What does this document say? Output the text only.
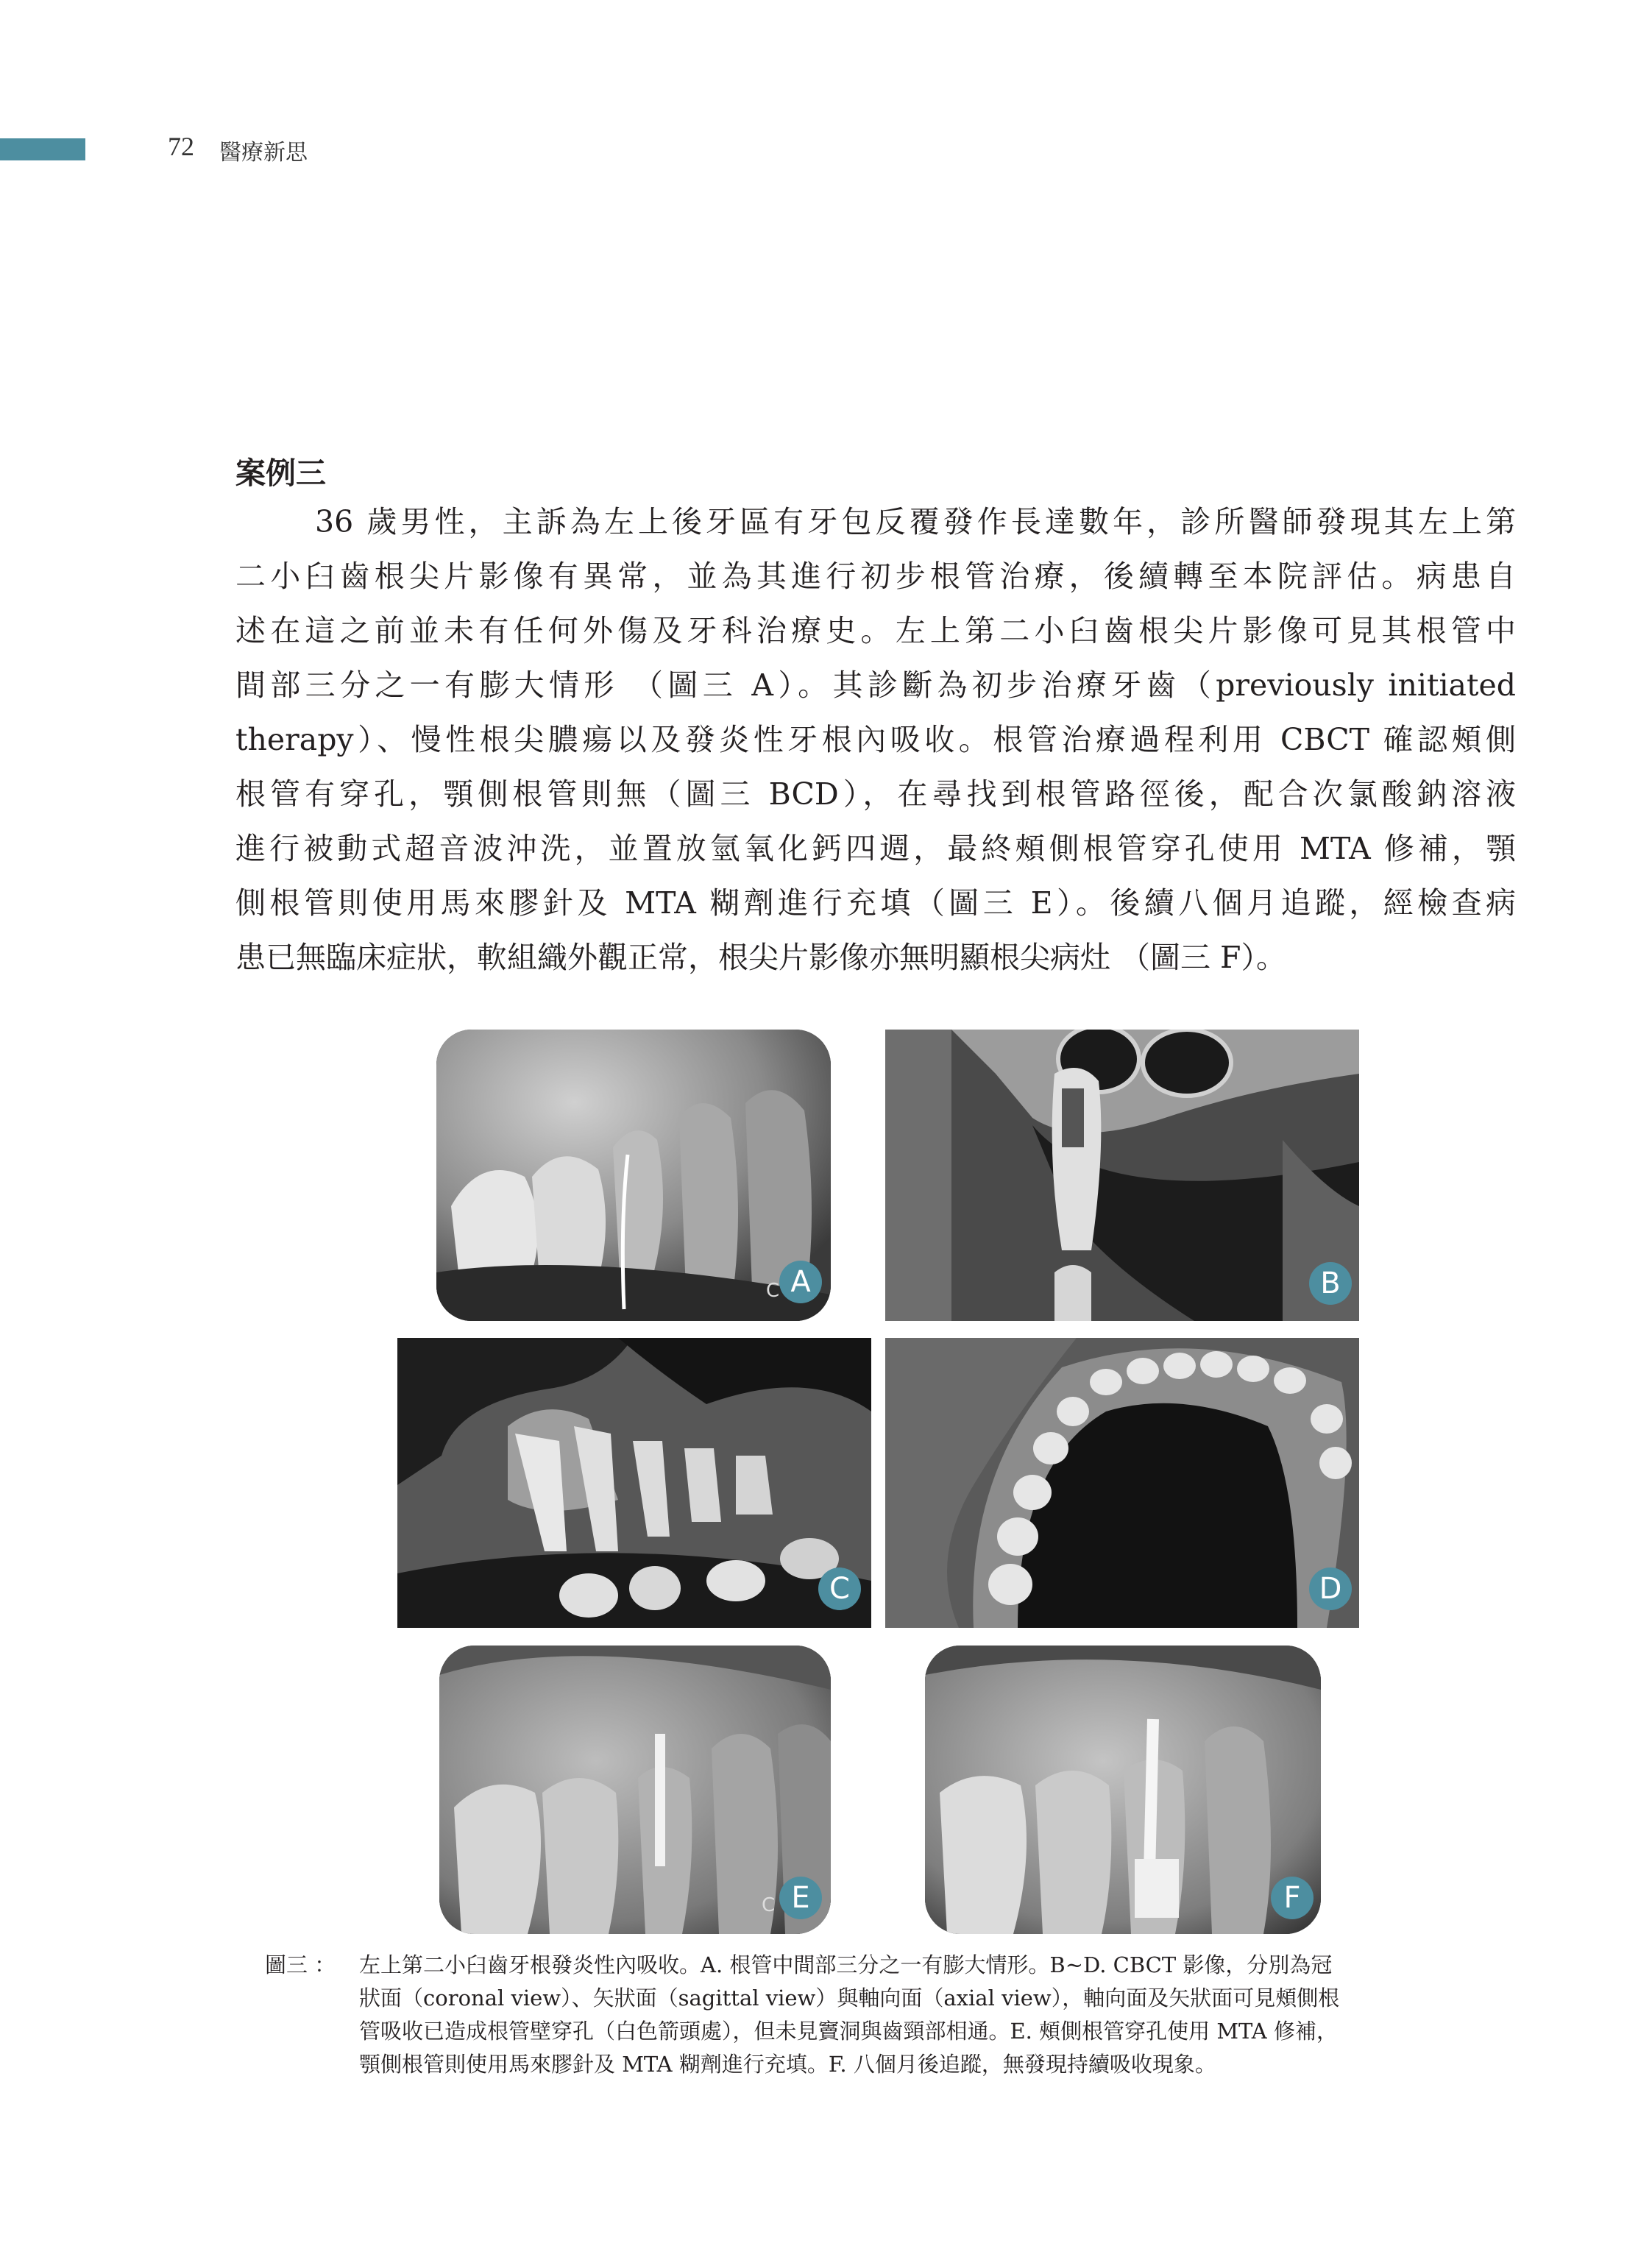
72 醫療新思
案例三
36 歲男性，主訴為左上後牙區有牙包反覆發作長達數年，診所醫師發現其左上第
二小臼齒根尖片影像有異常，並為其進行初步根管治療，後續轉至本院評估。病患自
述在這之前並未有任何外傷及牙科治療史。左上第二小臼齒根尖片影像可見其根管中
間部三分之一有膨大情形 （圖三 A）。其診斷為初步治療牙齒（previously initiated
therapy）、慢性根尖膿瘍以及發炎性牙根內吸收。根管治療過程利用 CBCT 確認頰側
根管有穿孔，顎側根管則無（圖三 BCD），在尋找到根管路徑後，配合次氯酸鈉溶液
進行被動式超音波沖洗，並置放氫氧化鈣四週，最終頰側根管穿孔使用 MTA 修補，顎
側根管則使用馬來膠針及 MTA 糊劑進行充填（圖三 E）。後續八個月追蹤，經檢查病
患已無臨床症狀，軟組織外觀正常，根尖片影像亦無明顯根尖病灶 （圖三 F）。
C A	B
C	D
C E	F
圖三 ： 左上第二小臼齒牙根發炎性內吸收。A. 根管中間部三分之一有膨大情形。B~D. CBCT 影像，分別為冠
狀面（coronal view）、矢狀面（sagittal view）與軸向面（axial view），軸向面及矢狀面可見頰側根
管吸收已造成根管壁穿孔（白色箭頭處），但未見竇洞與齒頸部相通。E. 頰側根管穿孔使用 MTA 修補，
顎側根管則使用馬來膠針及 MTA 糊劑進行充填。F. 八個月後追蹤，無發現持續吸收現象。
